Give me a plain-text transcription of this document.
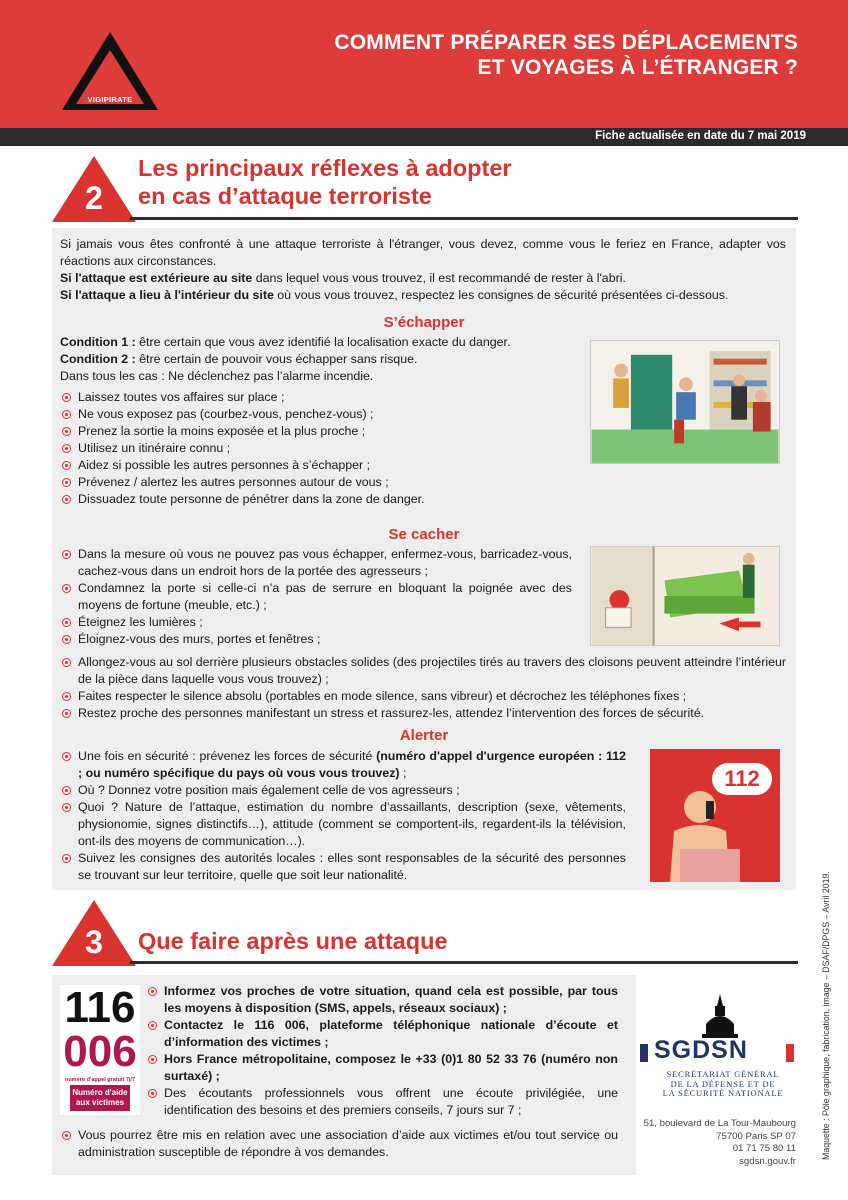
VIGIPIRATE
COMMENT PRÉPARER SES DÉPLACEMENTS
ET VOYAGES À L’ÉTRANGER ?
Fiche actualisée en date du 7 mai 2019
2
Les principaux réflexes à adopter
en cas d’attaque terroriste
Si jamais vous êtes confronté à une attaque terroriste à l'étranger, vous devez, comme vous le feriez en France, adapter vos réactions aux circonstances.
Si l'attaque est extérieure au site dans lequel vous vous trouvez, il est recommandé de rester à l'abri.
Si l'attaque a lieu à l'intérieur du site où vous vous trouvez, respectez les consignes de sécurité présentées ci-dessous.
S’échapper
Condition 1 : être certain que vous avez identifié la localisation exacte du danger.
Condition 2 : être certain de pouvoir vous échapper sans risque.
Dans tous les cas : Ne déclenchez pas l’alarme incendie.
Laissez toutes vos affaires sur place ;
Ne vous exposez pas (courbez-vous, penchez-vous) ;
Prenez la sortie la moins exposée et la plus proche ;
Utilisez un itinéraire connu ;
Aidez si possible les autres personnes à s’échapper ;
Prévenez / alertez les autres personnes autour de vous ;
Dissuadez toute personne de pénétrer dans la zone de danger.
Se cacher
Dans la mesure où vous ne pouvez pas vous échapper, enfermez-vous, barricadez-vous, cachez-vous dans un endroit hors de la portée des agresseurs ;
Condamnez la porte si celle-ci n’a pas de serrure en bloquant la poignée avec des moyens de fortune (meuble, etc.) ;
Éteignez les lumières ;
Éloignez-vous des murs, portes et fenêtres ;
Allongez-vous au sol derrière plusieurs obstacles solides (des projectiles tirés au travers des cloisons peuvent atteindre l’intérieur de la pièce dans laquelle vous vous trouvez) ;
Faites respecter le silence absolu (portables en mode silence, sans vibreur) et décrochez les téléphones fixes ;
Restez proche des personnes manifestant un stress et rassurez-les, attendez l’intervention des forces de sécurité.
Alerter
Une fois en sécurité : prévenez les forces de sécurité (numéro d'appel d'urgence européen : 112 ; ou numéro spécifique du pays où vous vous trouvez) ;
Où ? Donnez votre position mais également celle de vos agresseurs ;
Quoi ? Nature de l’attaque, estimation du nombre d’assaillants, description (sexe, vêtements, physionomie, signes distinctifs…), attitude (comment se comportent-ils, regardent-ils la télévision, ont-ils des moyens de communication…).
Suivez les consignes des autorités locales : elles sont responsables de la sécurité des personnes se trouvant sur leur territoire, quelle que soit leur nationalité.
112
3	Que faire après une attaque
116
006
numéro d'appel gratuit 7j/7
Numéro d'aide
aux victimes
Informez vos proches de votre situation, quand cela est possible, par tous les moyens à disposition (SMS, appels, réseaux sociaux) ;
Contactez le 116 006, plateforme téléphonique nationale d’écoute et d’information des victimes ;
Hors France métropolitaine, composez le +33 (0)1 80 52 33 76 (numéro non surtaxé) ;
Des écoutants professionnels vous offrent une écoute privilégiée, une identification des besoins et des premiers conseils, 7 jours sur 7 ;
Vous pourrez être mis en relation avec une association d’aide aux victimes et/ou tout service ou administration susceptible de répondre à vos demandes.
SGDSN
SECRÉTARIAT GÉNÉRAL
DE LA DÉFENSE ET DE
LA SÉCURITÉ NATIONALE
51, boulevard de La Tour-Maubourg
75700 Paris SP 07
01 71 75 80 11
sgdsn.gouv.fr
Maquette : Pôle graphique, fabrication, image – DSAF/DPGS – Avril 2019.
